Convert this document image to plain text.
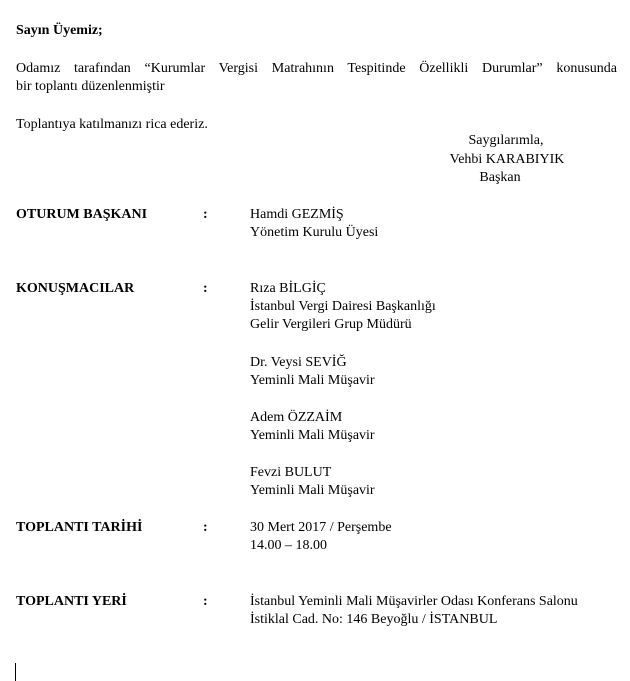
Sayın Üyemiz;
Odamız tarafından “Kurumlar Vergisi Matrahının Tespitinde Özellikli Durumlar” konusunda
bir toplantı düzenlenmiştir
Toplantıya katılmanızı rica ederiz.
Saygılarımla,
Vehbi KARABIYIK
Başkan
OTURUM BAŞKANI	:	Hamdi GEZMİŞ
Yönetim Kurulu Üyesi
KONUŞMACILAR	:	Rıza BİLGİÇ
İstanbul Vergi Dairesi Başkanlığı
Gelir Vergileri Grup Müdürü
Dr. Veysi SEVİĞ
Yeminli Mali Müşavir
Adem ÖZZAİM
Yeminli Mali Müşavir
Fevzi BULUT
Yeminli Mali Müşavir
TOPLANTI TARİHİ	:	30 Mert 2017 / Perşembe
14.00 – 18.00
TOPLANTI YERİ	:	İstanbul Yeminli Mali Müşavirler Odası Konferans Salonu
İstiklal Cad. No: 146 Beyoğlu / İSTANBUL
